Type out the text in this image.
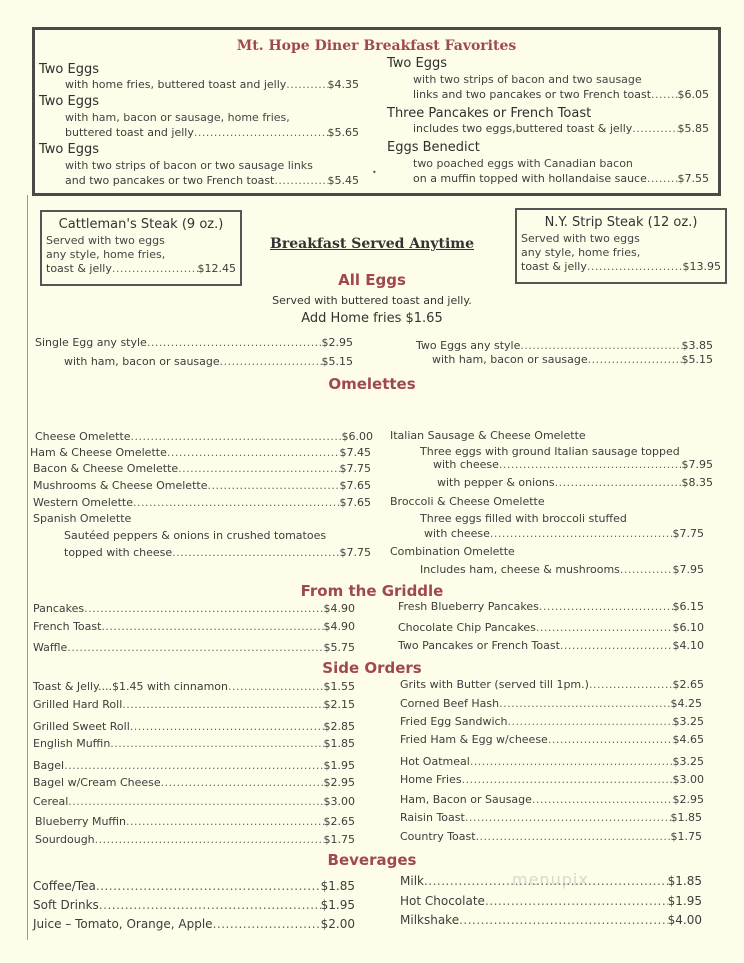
Mt. Hope Diner Breakfast Favorites
Two Eggs
with home fries, buttered toast and jelly .....	$4.35
Two Eggs
with ham, bacon or sausage, home fries,
buttered toast and jelly .....	$5.65
Two Eggs
with two strips of bacon or two sausage links
and two pancakes or two French toast .....	$5.45
Two Eggs
with two strips of bacon and two sausage
links and two pancakes or two French toast ..... $6.05
Three Pancakes or French Toast
includes two eggs,buttered toast & jelly .....	$5.85
Eggs Benedict
two poached eggs with Canadian bacon
on a muffin topped with hollandaise sauce .....	$7.55
•
Cattleman's Steak (9 oz.)
Served with two eggs
any style, home fries,
toast & jelly .....	$12.45
N.Y. Strip Steak (12 oz.)
Served with two eggs
any style, home fries,
toast & jelly .....	$13.95
Breakfast Served Anytime
All Eggs
Served with buttered toast and jelly.
Add Home fries $1.65
Single Egg any style .....	$2.95
with ham, bacon or sausage .....	$5.15
Two Eggs any style .....	$3.85
with ham, bacon or sausage .....	$5.15
Omelettes
Cheese Omelette .....	$6.00
Ham & Cheese Omelette .....	$7.45
Bacon & Cheese Omelette .....	$7.75
Mushrooms & Cheese Omelette .....	$7.65
Western Omelette .....	$7.65
Spanish Omelette
Sautéed peppers & onions in crushed tomatoes
topped with cheese .....	$7.75
Italian Sausage & Cheese Omelette
Three eggs with ground Italian sausage topped
with cheese .....	$7.95
with pepper & onions .....	$8.35
Broccoli & Cheese Omelette
Three eggs filled with broccoli stuffed
with cheese .....	$7.75
Combination Omelette
Includes ham, cheese & mushrooms .....	$7.95
From the Griddle
Pancakes .....	$4.90
French Toast .....	$4.90
Waffle .....	$5.75
Fresh Blueberry Pancakes .....	$6.15
Chocolate Chip Pancakes .....	$6.10
Two Pancakes or French Toast .....	$4.10
Side Orders
Toast & Jelly....$1.45 with cinnamon .....	$1.55
Grilled Hard Roll .....	$2.15
Grilled Sweet Roll .....	$2.85
English Muffin .....	$1.85
Bagel .....	$1.95
Bagel w/Cream Cheese .....	$2.95
Cereal .....	$3.00
Blueberry Muffin .....	$2.65
Sourdough .....	$1.75
Grits with Butter (served till 1pm.) .....	$2.65
Corned Beef Hash .....	$4.25
Fried Egg Sandwich .....	$3.25
Fried Ham & Egg w/cheese .....	$4.65
Hot Oatmeal .....	$3.25
Home Fries .....	$3.00
Ham, Bacon or Sausage .....	$2.95
Raisin Toast .....	$1.85
Country Toast .....	$1.75
Beverages
Coffee/Tea .....	$1.85
Soft Drinks .....	$1.95
Juice – Tomato, Orange, Apple .....	$2.00
Milk .....	$1.85
Hot Chocolate .....	$1.95
Milkshake .....	$4.00
menupix
